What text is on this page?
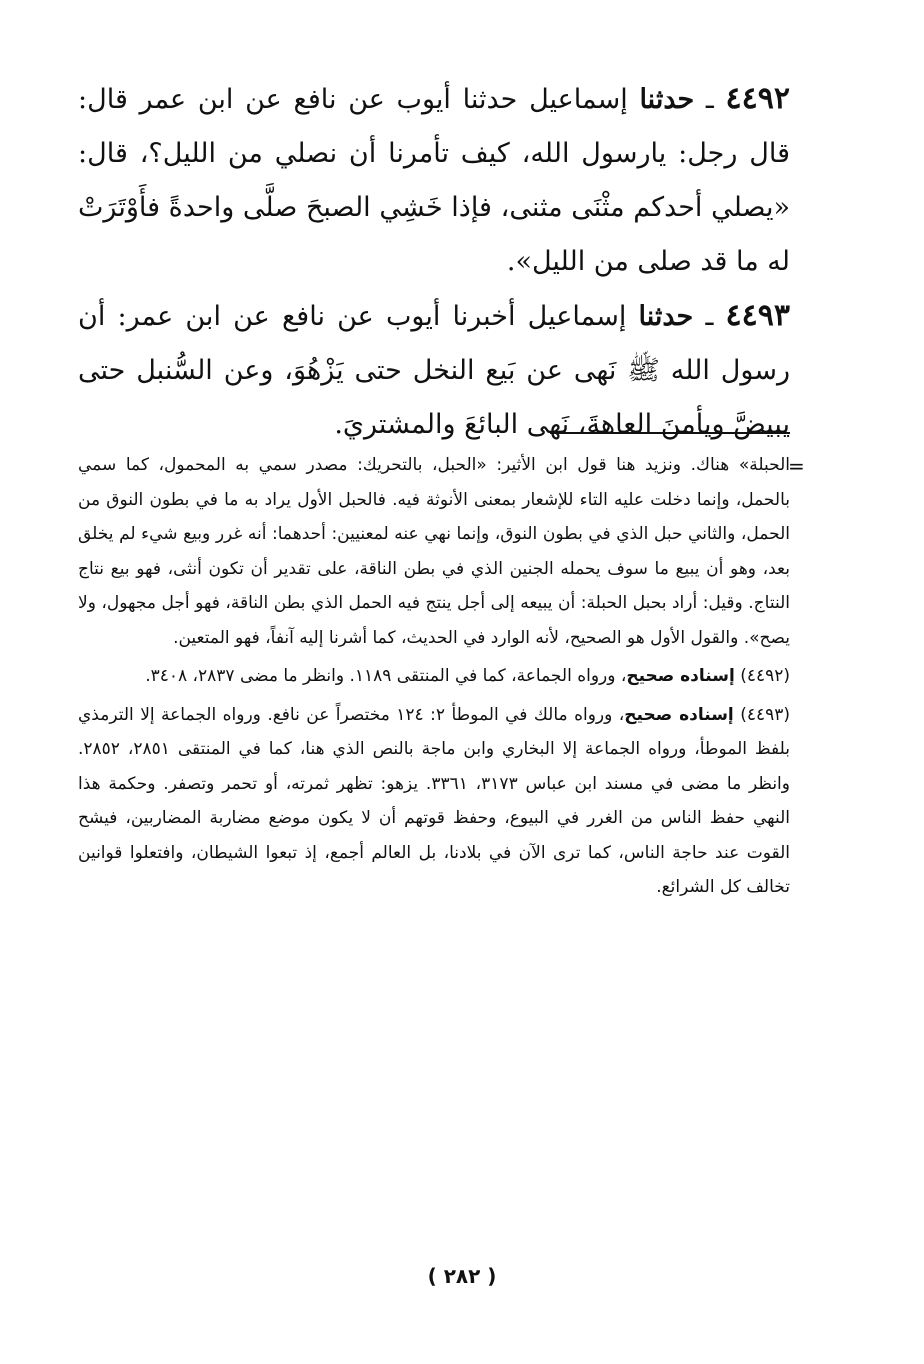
٤٤٩٢ ـ حدثنا إسماعيل حدثنا أيوب عن نافع عن ابن عمر قال: قال رجل: يارسول الله، كيف تأمرنا أن نصلي من الليل؟، قال: «يصلي أحدكم مثْنَى مثنى، فإذا خَشِي الصبحَ صلَّى واحدةً فأَوْتَرَتْ له ما قد صلى من الليل».

٤٤٩٣ ـ حدثنا إسماعيل أخبرنا أيوب عن نافع عن ابن عمر: أن رسول الله ﷺ نَهى عن بَيع النخل حتى يَزْهُوَ، وعن السُّنبل حتى يبيضَّ ويأمنَ العاهةَ، نَهى البائعَ والمشتريَ.

=

الحبلة» هناك. ونزيد هنا قول ابن الأثير: «الحبل، بالتحريك: مصدر سمي به المحمول، كما سمي بالحمل، وإنما دخلت عليه التاء للإشعار بمعنى الأنوثة فيه. فالحبل الأول يراد به ما في بطون النوق من الحمل، والثاني حبل الذي في بطون النوق، وإنما نهي عنه لمعنيين: أحدهما: أنه غرر وبيع شيء لم يخلق بعد، وهو أن يبيع ما سوف يحمله الجنين الذي في بطن الناقة، على تقدير أن تكون أنثى، فهو بيع نتاج النتاج. وقيل: أراد بحبل الحبلة: أن يبيعه إلى أجل ينتج فيه الحمل الذي بطن الناقة، فهو أجل مجهول، ولا يصح». والقول الأول هو الصحيح، لأنه الوارد في الحديث، كما أشرنا إليه آنفاً، فهو المتعين.

(٤٤٩٢) إسناده صحيح، ورواه الجماعة، كما في المنتقى ١١٨٩. وانظر ما مضى ٢٨٣٧، ٣٤٠٨.

(٤٤٩٣) إسناده صحيح، ورواه مالك في الموطأ ٢: ١٢٤ مختصراً عن نافع. ورواه الجماعة إلا الترمذي بلفظ الموطأ، ورواه الجماعة إلا البخاري وابن ماجة بالنص الذي هنا، كما في المنتقى ٢٨٥١، ٢٨٥٢. وانظر ما مضى في مسند ابن عباس ٣١٧٣، ٣٣٦١. يزهو: تظهر ثمرته، أو تحمر وتصفر. وحكمة هذا النهي حفظ الناس من الغرر في البيوع، وحفظ قوتهم أن لا يكون موضع مضاربة المضاربين، فيشح القوت عند حاجة الناس، كما ترى الآن في بلادنا، بل العالم أجمع، إذ تبعوا الشيطان، وافتعلوا قوانين تخالف كل الشرائع.

( ٢٨٢ )
